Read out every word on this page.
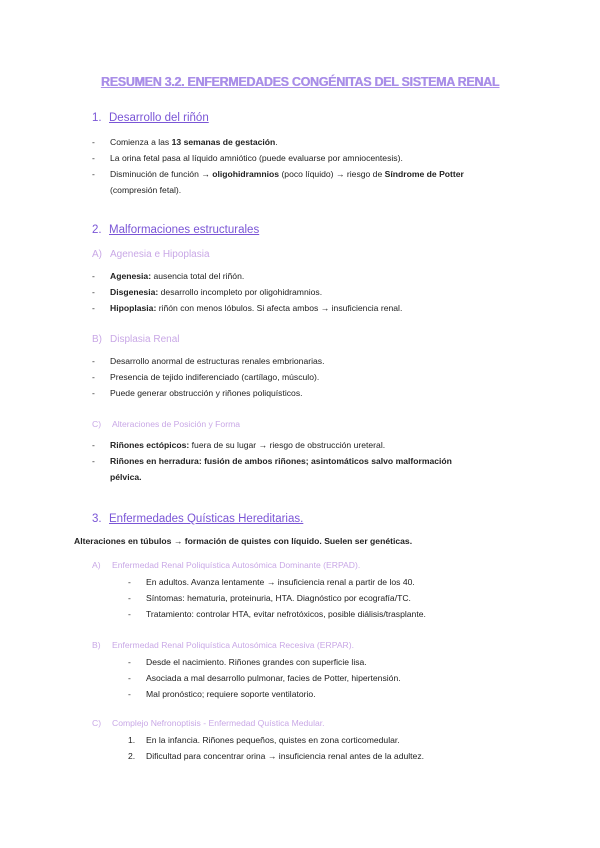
RESUMEN 3.2. ENFERMEDADES CONGÉNITAS DEL SISTEMA RENAL
1. Desarrollo del riñón
- Comienza a las 13 semanas de gestación.
- La orina fetal pasa al líquido amniótico (puede evaluarse por amniocentesis).
- Disminución de función → oligohidramnios (poco líquido) → riesgo de Síndrome de Potter
(compresión fetal).
2. Malformaciones estructurales
A) Agenesia e Hipoplasia
- Agenesia: ausencia total del riñón.
- Disgenesia: desarrollo incompleto por oligohidramnios.
- Hipoplasia: riñón con menos lóbulos. Si afecta ambos → insuficiencia renal.
B) Displasia Renal
- Desarrollo anormal de estructuras renales embrionarias.
- Presencia de tejido indiferenciado (cartílago, músculo).
- Puede generar obstrucción y riñones poliquísticos.
C) Alteraciones de Posición y Forma
- Riñones ectópicos: fuera de su lugar → riesgo de obstrucción ureteral.
- Riñones en herradura: fusión de ambos riñones; asintomáticos salvo malformación
pélvica.
3. Enfermedades Quísticas Hereditarias.
Alteraciones en túbulos → formación de quistes con líquido. Suelen ser genéticas.
A) Enfermedad Renal Poliquística Autosómica Dominante (ERPAD).
- En adultos. Avanza lentamente → insuficiencia renal a partir de los 40.
- Síntomas: hematuria, proteinuria, HTA. Diagnóstico por ecografía/TC.
- Tratamiento: controlar HTA, evitar nefrotóxicos, posible diálisis/trasplante.
B) Enfermedad Renal Poliquística Autosómica Recesiva (ERPAR).
- Desde el nacimiento. Riñones grandes con superficie lisa.
- Asociada a mal desarrollo pulmonar, facies de Potter, hipertensión.
- Mal pronóstico; requiere soporte ventilatorio.
C) Complejo Nefronoptisis - Enfermedad Quística Medular.
1. En la infancia. Riñones pequeños, quistes en zona corticomedular.
2. Dificultad para concentrar orina → insuficiencia renal antes de la adultez.
